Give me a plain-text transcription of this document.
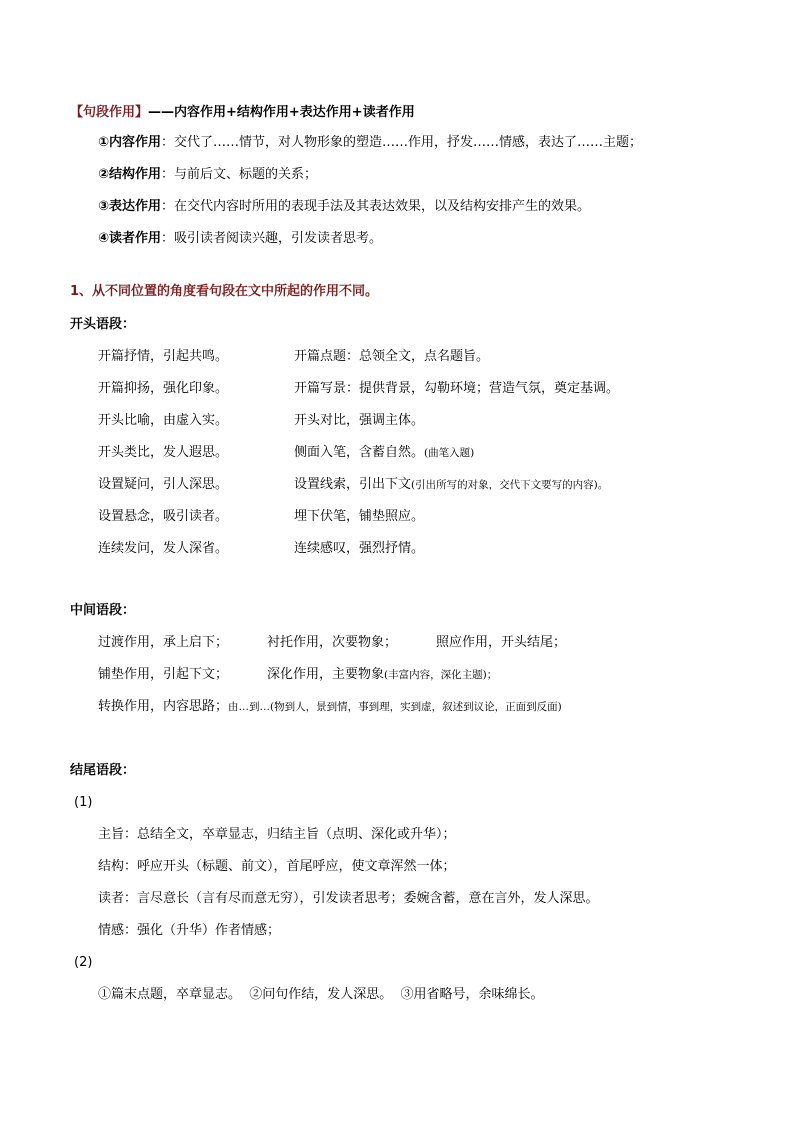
【句段作用】——内容作用+结构作用+表达作用+读者作用
①内容作用：交代了……情节，对人物形象的塑造……作用，抒发……情感，表达了……主题；
②结构作用：与前后文、标题的关系；
③表达作用：在交代内容时所用的表现手法及其表达效果，以及结构安排产生的效果。
④读者作用：吸引读者阅读兴趣，引发读者思考。
1、从不同位置的角度看句段在文中所起的作用不同。
开头语段：
开篇抒情，引起共鸣。	开篇点题：总领全文，点名题旨。
开篇抑扬，强化印象。	开篇写景：提供背景，勾勒环境；营造气氛，奠定基调。
开头比喻，由虚入实。	开头对比，强调主体。
开头类比，发人遐思。	侧面入笔，含蓄自然。(曲笔入题)
设置疑问，引人深思。	设置线索，引出下文(引出所写的对象，交代下文要写的内容)。
设置悬念，吸引读者。	埋下伏笔，铺垫照应。
连续发问，发人深省。	连续感叹，强烈抒情。
中间语段：
过渡作用，承上启下；	衬托作用，次要物象；	照应作用，开头结尾；
铺垫作用，引起下文；	深化作用，主要物象(丰富内容，深化主题)；
转换作用，内容思路；由…到…(物到人，景到情，事到理，实到虚，叙述到议论，正面到反面)
结尾语段：
(1)
主旨：总结全文，卒章显志，归结主旨（点明、深化或升华）；
结构：呼应开头（标题、前文），首尾呼应，使文章浑然一体；
读者：言尽意长（言有尽而意无穷），引发读者思考；委婉含蓄，意在言外，发人深思。
情感：强化（升华）作者情感；
(2)
①篇末点题，卒章显志。  ②问句作结，发人深思。  ③用省略号，余味绵长。
